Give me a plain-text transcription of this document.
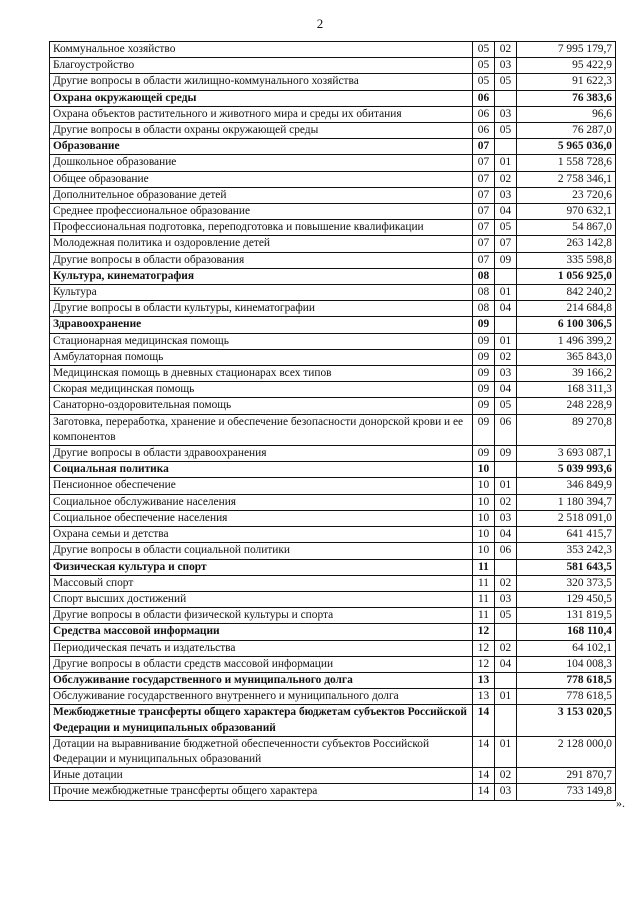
2
Коммунальное хозяйство	05	02	7 995 179,7
Благоустройство	05	03	95 422,9
Другие вопросы в области жилищно-коммунального хозяйства	05	05	91 622,3
Охрана окружающей среды	06		76 383,6
Охрана объектов растительного и животного мира и среды их обитания	06	03	96,6
Другие вопросы в области охраны окружающей среды	06	05	76 287,0
Образование	07		5 965 036,0
Дошкольное образование	07	01	1 558 728,6
Общее образование	07	02	2 758 346,1
Дополнительное образование детей	07	03	23 720,6
Среднее профессиональное образование	07	04	970 632,1
Профессиональная подготовка, переподготовка и повышение квалификации	07	05	54 867,0
Молодежная политика и оздоровление детей	07	07	263 142,8
Другие вопросы в области образования	07	09	335 598,8
Культура, кинематография	08		1 056 925,0
Культура	08	01	842 240,2
Другие вопросы в области культуры, кинематографии	08	04	214 684,8
Здравоохранение	09		6 100 306,5
Стационарная медицинская помощь	09	01	1 496 399,2
Амбулаторная помощь	09	02	365 843,0
Медицинская помощь в дневных стационарах всех типов	09	03	39 166,2
Скорая медицинская помощь	09	04	168 311,3
Санаторно-оздоровительная помощь	09	05	248 228,9
Заготовка, переработка, хранение и обеспечение безопасности донорской крови и ее компонентов	09	06	89 270,8
Другие вопросы в области здравоохранения	09	09	3 693 087,1
Социальная политика	10		5 039 993,6
Пенсионное обеспечение	10	01	346 849,9
Социальное обслуживание населения	10	02	1 180 394,7
Социальное обеспечение населения	10	03	2 518 091,0
Охрана семьи и детства	10	04	641 415,7
Другие вопросы в области социальной политики	10	06	353 242,3
Физическая культура и спорт	11		581 643,5
Массовый спорт	11	02	320 373,5
Спорт высших достижений	11	03	129 450,5
Другие вопросы в области физической культуры и спорта	11	05	131 819,5
Средства массовой информации	12		168 110,4
Периодическая печать и издательства	12	02	64 102,1
Другие вопросы в области средств массовой информации	12	04	104 008,3
Обслуживание государственного и муниципального долга	13		778 618,5
Обслуживание государственного внутреннего и муниципального долга	13	01	778 618,5
Межбюджетные трансферты общего характера бюджетам субъектов Российской Федерации и муниципальных образований	14		3 153 020,5
Дотации на выравнивание бюджетной обеспеченности субъектов Российской Федерации и муниципальных образований	14	01	2 128 000,0
Иные дотации	14	02	291 870,7
Прочие межбюджетные трансферты общего характера	14	03	733 149,8
».
